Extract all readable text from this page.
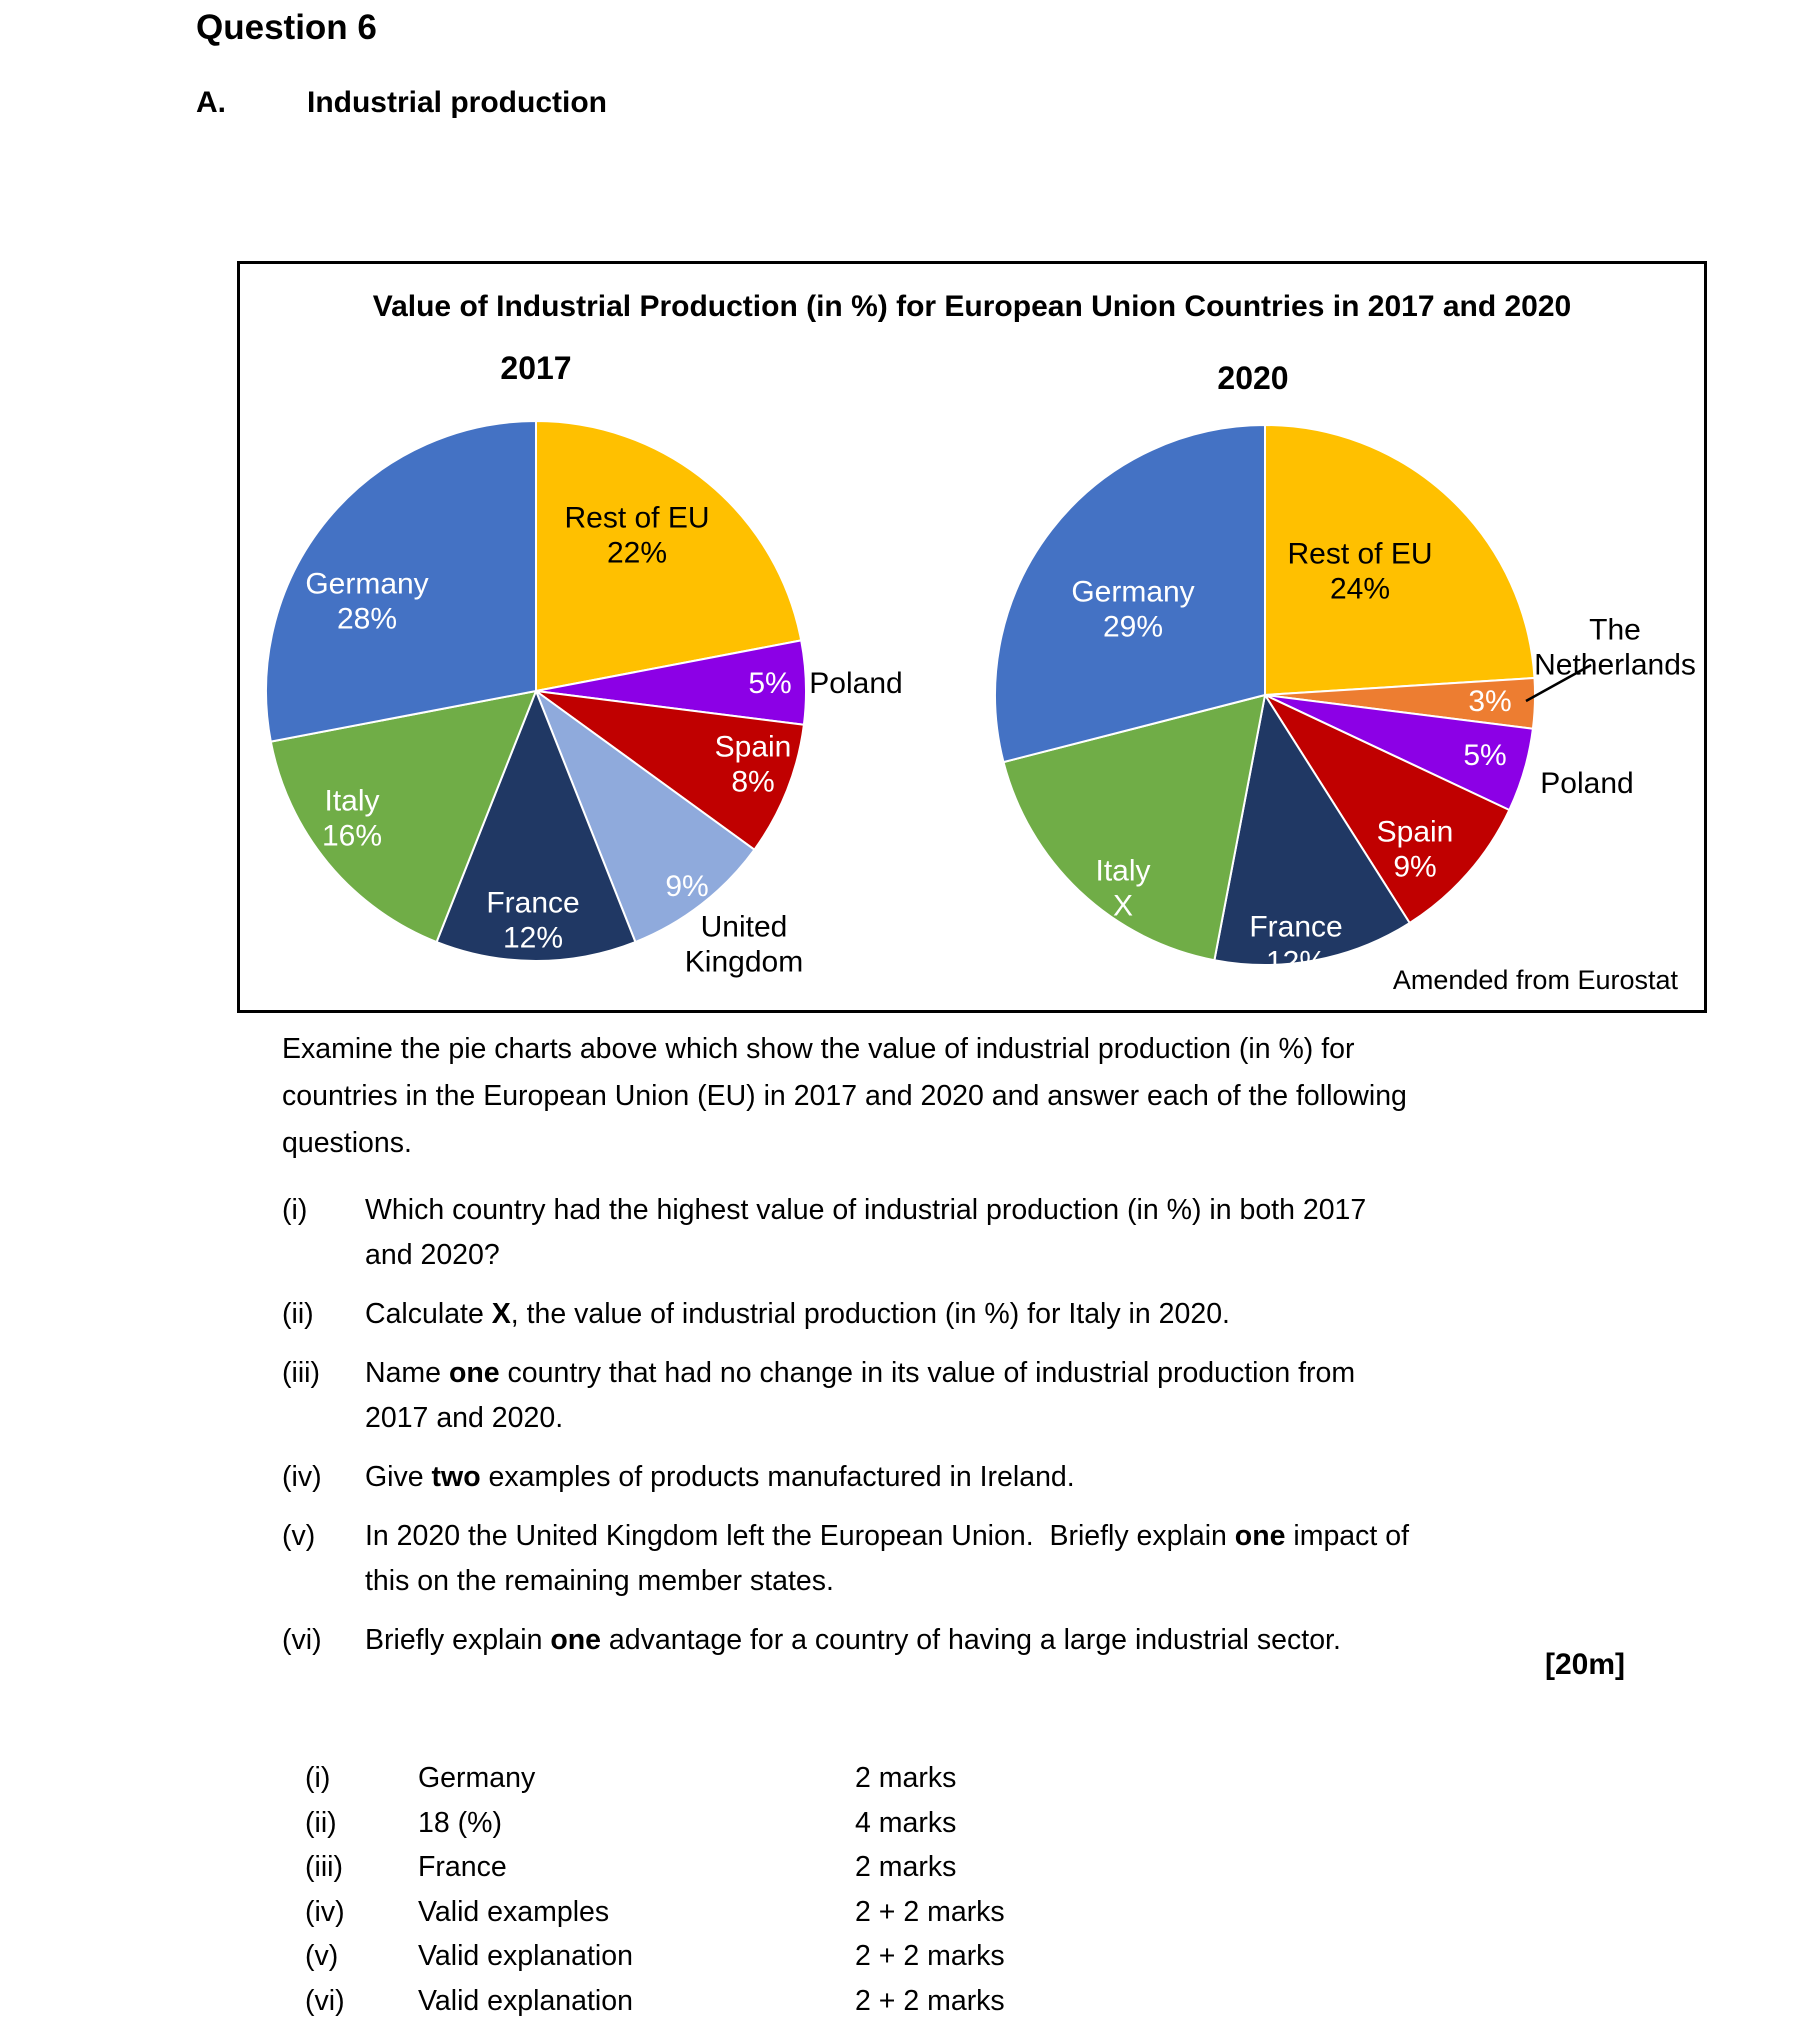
Question 6
A.	Industrial production
Value of Industrial Production (in %) for European Union Countries in 2017 and 2020
2017	2020
Rest of EU
22%
5% Poland
Spain
8%
9%
United
Kingdom
France
12%
Italy
16%
Germany
28%
Rest of EU
24%
3%
The
Netherlands
5%
Poland
Spain
9%
France
12%
Italy
X
Germany
29%
Amended from Eurostat
Examine the pie charts above which show the value of industrial production (in %) for
countries in the European Union (EU) in 2017 and 2020 and answer each of the following
questions.
(i)	Which country had the highest value of industrial production (in %) in both 2017
and 2020?
(ii)	Calculate X, the value of industrial production (in %) for Italy in 2020.
(iii)	Name one country that had no change in its value of industrial production from
2017 and 2020.
(iv)	Give two examples of products manufactured in Ireland.
(v)	In 2020 the United Kingdom left the European Union.  Briefly explain one impact of
this on the remaining member states.
(vi)	Briefly explain one advantage for a country of having a large industrial sector.
[20m]
(i)	Germany	2 marks
(ii)	18 (%)	4 marks
(iii)	France	2 marks
(iv)	Valid examples	2 + 2 marks
(v)	Valid explanation	2 + 2 marks
(vi)	Valid explanation	2 + 2 marks
